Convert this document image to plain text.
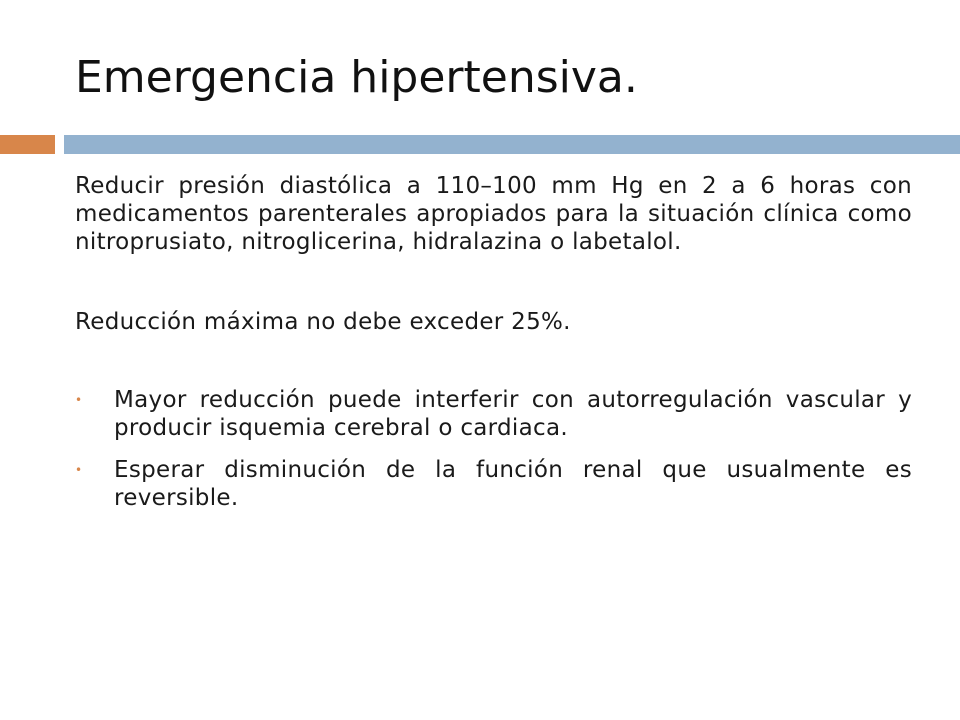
Emergencia hipertensiva.

Reducir presión diastólica a 110–100 mm Hg en 2 a 6 horas con medicamentos parenterales apropiados para la situación clínica como nitroprusiato, nitroglicerina, hidralazina o labetalol.

Reducción máxima no debe exceder 25%.

• Mayor reducción puede interferir con autorregulación vascular y producir isquemia cerebral o cardiaca.
• Esperar disminución de la función renal que usualmente es reversible.
